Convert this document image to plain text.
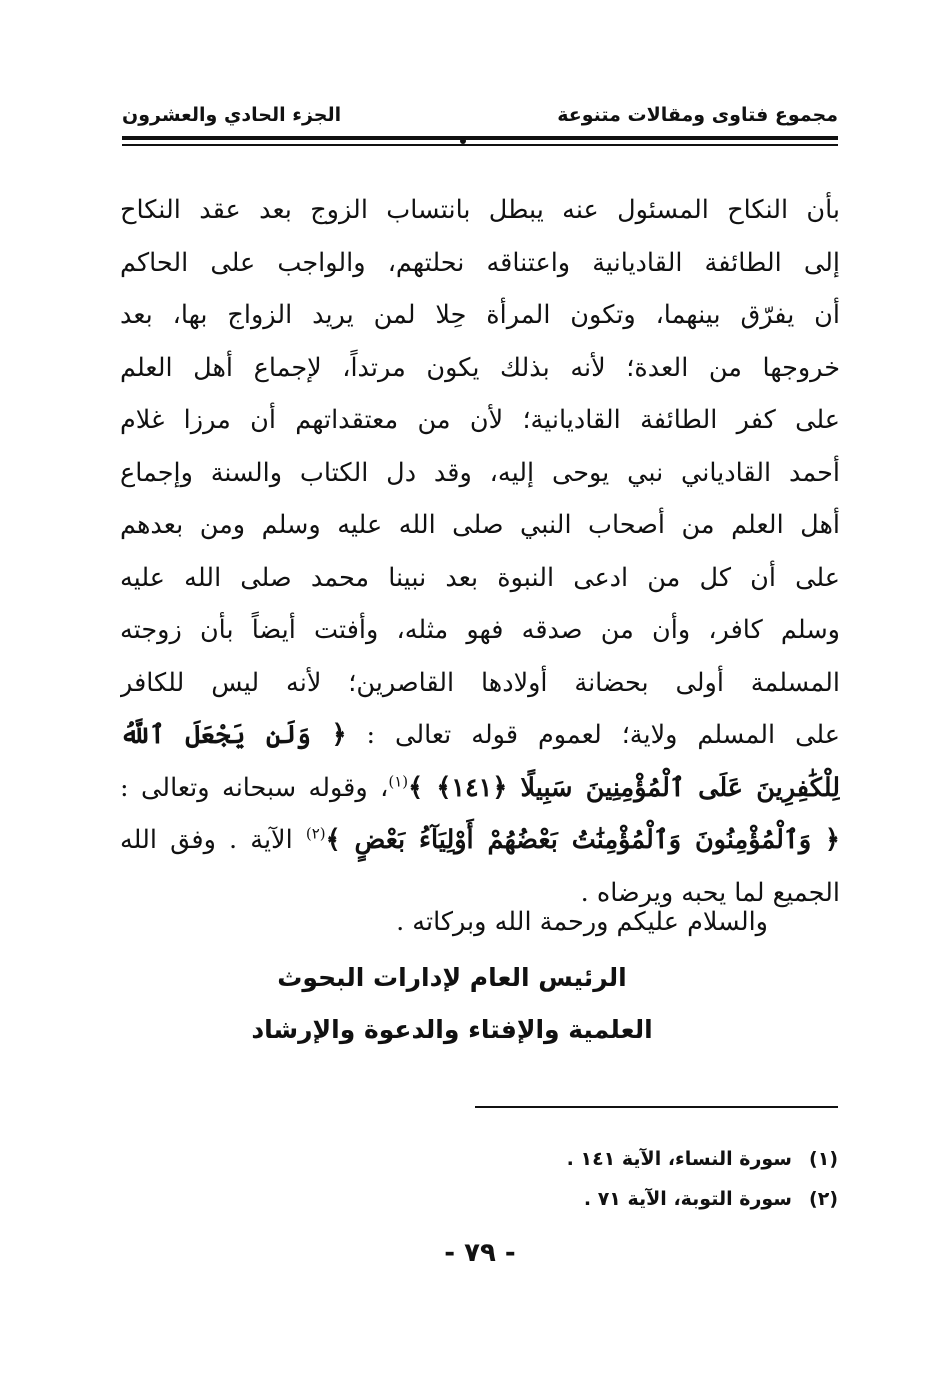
مجموع فتاوى ومقالات متنوعة
الجزء الحادي والعشرون
بأن النكاح المسئول عنه يبطل بانتساب الزوج بعد عقد النكاح
إلى الطائفة القاديانية واعتناقه نحلتهم، والواجب على الحاكم
أن يفرّق بينهما، وتكون المرأة حِلا لمن يريد الزواج بها، بعد
خروجها من العدة؛ لأنه بذلك يكون مرتداً، لإجماع أهل العلم
على كفر الطائفة القاديانية؛ لأن من معتقداتهم أن مرزا غلام
أحمد القادياني نبي يوحى إليه، وقد دل الكتاب والسنة وإجماع
أهل العلم من أصحاب النبي صلى الله عليه وسلم ومن بعدهم
على أن كل من ادعى النبوة بعد نبينا محمد صلى الله عليه
وسلم كافر، وأن من صدقه فهو مثله، وأفتت أيضاً بأن زوجته
المسلمة أولى بحضانة أولادها القاصرين؛ لأنه ليس للكافر
على المسلم ولاية؛ لعموم قوله تعالى : ﴿ وَلَن يَجْعَلَ ٱللَّهُ
لِلْكَٰفِرِينَ عَلَى ٱلْمُؤْمِنِينَ سَبِيلًا ﴿١٤١﴾ ﴾$^{(١)}$، وقوله سبحانه وتعالى :
﴿ وَٱلْمُؤْمِنُونَ وَٱلْمُؤْمِنَٰتُ بَعْضُهُمْ أَوْلِيَآءُ بَعْضٍ ﴾$^{(٢)}$ الآية . وفق الله
الجميع لما يحبه ويرضاه .
والسلام عليكم ورحمة الله وبركاته .
الرئيس العام لإدارات البحوث
العلمية والإفتاء والدعوة والإرشاد
(١)
سورة النساء، الآية ١٤١ .
(٢)
سورة التوبة، الآية ٧١ .
- ٧٩ -
